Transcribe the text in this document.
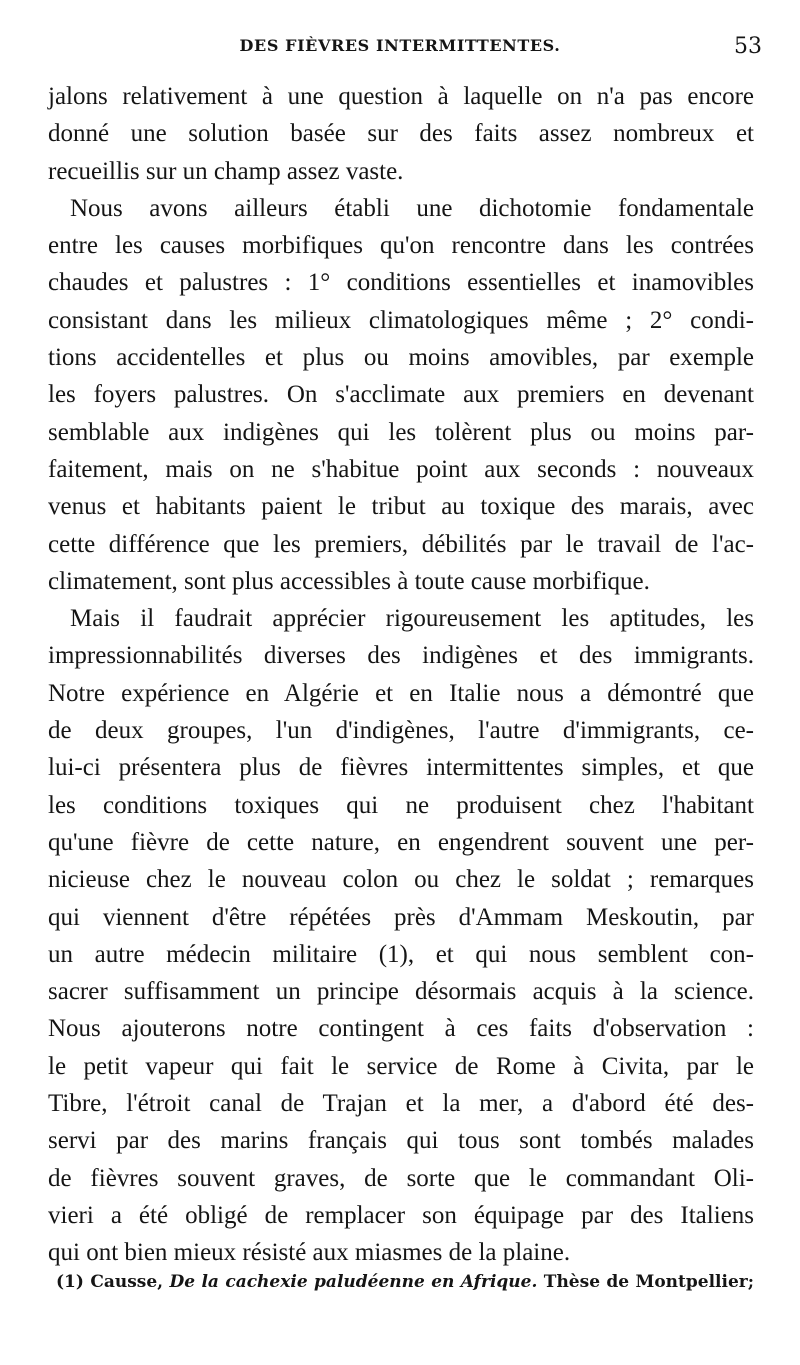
DES FIÈVRES INTERMITTENTES.	53
jalons relativement à une question à laquelle on n'a pas encore
donné une solution basée sur des faits assez nombreux et
recueillis sur un champ assez vaste.
Nous avons ailleurs établi une dichotomie fondamentale
entre les causes morbifiques qu'on rencontre dans les contrées
chaudes et palustres : 1° conditions essentielles et inamovibles
consistant dans les milieux climatologiques même ; 2° condi-
tions accidentelles et plus ou moins amovibles, par exemple
les foyers palustres. On s'acclimate aux premiers en devenant
semblable aux indigènes qui les tolèrent plus ou moins par-
faitement, mais on ne s'habitue point aux seconds : nouveaux
venus et habitants paient le tribut au toxique des marais, avec
cette différence que les premiers, débilités par le travail de l'ac-
climatement, sont plus accessibles à toute cause morbifique.
Mais il faudrait apprécier rigoureusement les aptitudes, les
impressionnabilités diverses des indigènes et des immigrants.
Notre expérience en Algérie et en Italie nous a démontré que
de deux groupes, l'un d'indigènes, l'autre d'immigrants, ce-
lui-ci présentera plus de fièvres intermittentes simples, et que
les conditions toxiques qui ne produisent chez l'habitant
qu'une fièvre de cette nature, en engendrent souvent une per-
nicieuse chez le nouveau colon ou chez le soldat ; remarques
qui viennent d'être répétées près d'Ammam Meskoutin, par
un autre médecin militaire (1), et qui nous semblent con-
sacrer suffisamment un principe désormais acquis à la science.
Nous ajouterons notre contingent à ces faits d'observation :
le petit vapeur qui fait le service de Rome à Civita, par le
Tibre, l'étroit canal de Trajan et la mer, a d'abord été des-
servi par des marins français qui tous sont tombés malades
de fièvres souvent graves, de sorte que le commandant Oli-
vieri a été obligé de remplacer son équipage par des Italiens
qui ont bien mieux résisté aux miasmes de la plaine.
(1) Causse, De la cachexie paludéenne en Afrique. Thèse de Montpellier;
